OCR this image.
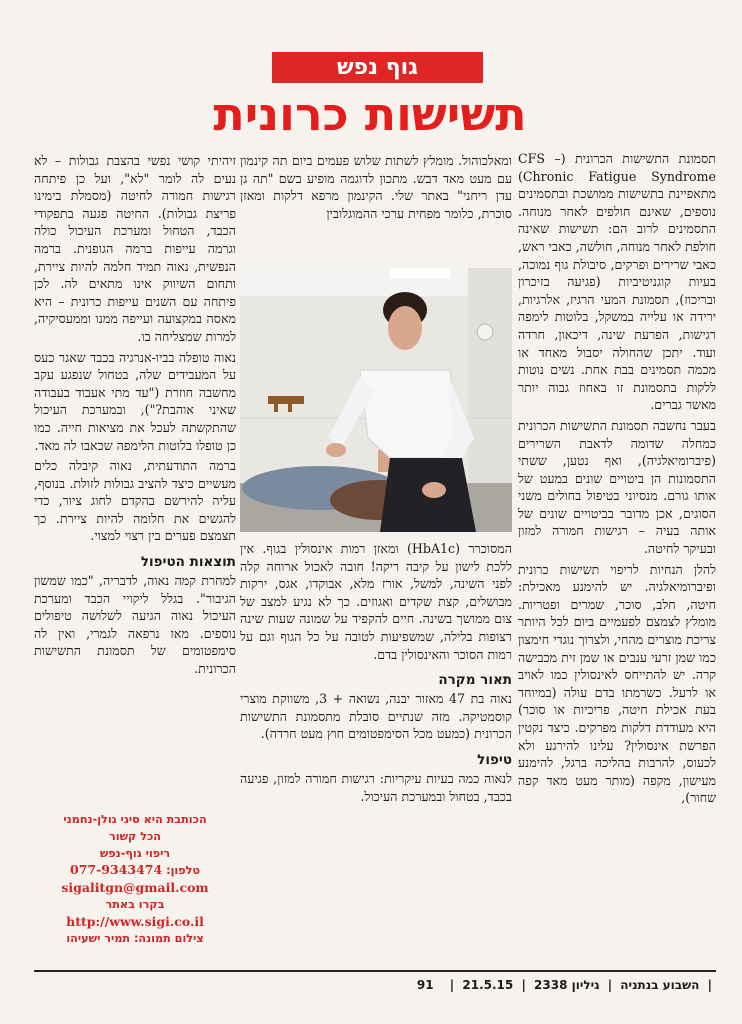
גוף נפש
תשישות כרונית

תסמונת התשישות הכרונית (CFS – Chronic Fatigue Syndrome) מתאפיינת בתשישות ממושכת ובתסמינים נוספים, שאינם חולפים לאחר מנוחה. התסמינים לרוב הם: תשישות שאינה חולפת לאחר מנוחה, חולשה, כאבי ראש, כאבי שרירים ופרקים, סיבולת גוף נמוכה, בעיות קוגניטיביות (פגיעה בזיכרון ובריכוז), תסמונת המעי הרגיז, אלרגיות, ירידה או עלייה במשקל, בלוטות לימפה רגישות, הפרעת שינה, דיכאון, חרדה ועוד. יתכן שהחולה יסבול מאחד או מכמה תסמינים בבת אחת. נשים נוטות ללקות בתסמונת זו באחוז גבוה יותר מאשר גברים.

בעבר נחשבה תסמונת התשישות הכרונית כמחלה שדומה לדאבת השרירים (פיברומיאלגיה), ואף נטען, ששתי התסמונות הן ביטויים שונים במעט של אותו גורם. מנסיוני בטיפול בחולים משני הסוגים, אכן מדובר בביטויים שונים של אותה בעיה – רגישות חמורה למזון ובעיקר לחיטה.

להלן הנחיות לריפוי תשישות כרונית ופיברומיאלגיה. יש להימנע מאכילת: חיטה, חלב, סוכר, שמרים ופטריות. מומלץ לצמצם לפעמיים ביום לכל היותר צריכת מוצרים מהחי, ולצרוך נוגדי חימצון כמו שמן זרעי ענבים או שמן זית מכבישה קרה. יש להתייחס לאינסולין כמו לאויב או לרעל. כשרמתו בדם עולה (במיוחד בעת אכילת חיטה, פריכיות או סוכר) היא מעודדת דלקות מפרקים. כיצד נקטין הפרשת אינסולין? עלינו להירגע ולא לכעוס, להרבות בהליכה ברגל, להימנע מעישון, מקפה (מותר מעט מאד קפה שחור),

ומאלכוהול. מומלץ לשתות שלוש פעמים ביום תה קינמון עם מעט מאד דבש. מתכון לדוגמה מופיע בשם "תה גן עדן ריחני" באתר שלי. הקינמון מרפא דלקות ומאזן סוכרת, כלומר מפחית ערכי ההמוגלובין

המסוכרר (HbA1c) ומאזן רמות אינסולין בגוף. אין ללכת לישון על קיבה ריקה! חובה לאכול ארוחה קלה לפני השינה, למשל, אורז מלא, אבוקדו, אגס, ירקות מבושלים, קצת שקדים ואגוזים. כך לא נגיע למצב של צום ממושך בשינה. חיים להקפיד על שמונה שעות שינה רצופות בלילה, שמשפיעות לטובה על כל הגוף וגם על רמות הסוכר והאינסולין בדם.

תאור מקרה

נאוה בת 47 מאזור יבנה, נשואה + 3, משווקת מוצרי קוסמטיקה. מזה שנתיים סובלת מתסמונת התשישות הכרונית (כמעט מכל הסימפטומים חוץ מעט חרדה).

טיפול

לנאוה כמה בעיות עיקריות: רגישות חמורה למזון, פגיעה בכבד, בטחול ובמערכת העיכול.

זיהיתי קושי נפשי בהצבת גבולות – לא נעים לה לומר "לא", ועל כן פיתחה רגישות חמורה לחיטה (מסמלת בימינו פריצת גבולות). החיטה פגעה בתפקודי הכבד, הטחול ומערכת העיכול כולה וגרמה עייפות ברמה הגופנית. ברמה הנפשית, נאוה תמיד חלמה להיות ציירת, ותחום השיווק אינו מתאים לה. לכן פיתחה עם השנים עייפות כרונית – היא מאסה במקצועה ועייפה ממנו וממעסיקיה, למרות שמצליחה בו.

נאוה טופלה בביו-אנרגיה בכבד שאגר כעס על המעבידים שלה, בטחול שנפגע עקב מחשבה חוזרת ("עד מתי אעבוד בעבודה שאיני אוהבת?"), ובמערכת העיכול שהתקשתה לעכל את מציאות חייה. כמו כן טופלו בלוטות הלימפה שכאבו לה מאד.

ברמה התודעתית, נאוה קיבלה כלים מעשיים כיצד להציב גבולות לזולת. בנוסף, עליה להירשם בהקדם לחוג ציור, כדי להגשים את חלומה להיות ציירת. כך תצמצם פערים בין רצוי למצוי.

תוצאות הטיפול

למחרת קמה נאוה, לדבריה, "כמו שמשון הגיבור". בגלל ליקויי הכבד ומערכת העיכול נאוה הגיעה לשלושה טיפולים נוספים. מאז נרפאה לגמרי, ואין לה סימפטומים של תסמונת התשישות הכרונית.

הכותבת היא סיגי גולן-נחמני
הכל קשור
ריפוי גוף-נפש
טלפון: 077-9343474
sigalitgn@gmail.com
בקרו באתר
http://www.sigi.co.il
צילום תמונה: תמיר ישעיהו
| השבוע בנתניה | גיליון 2338 | 21.5.15 | 91
